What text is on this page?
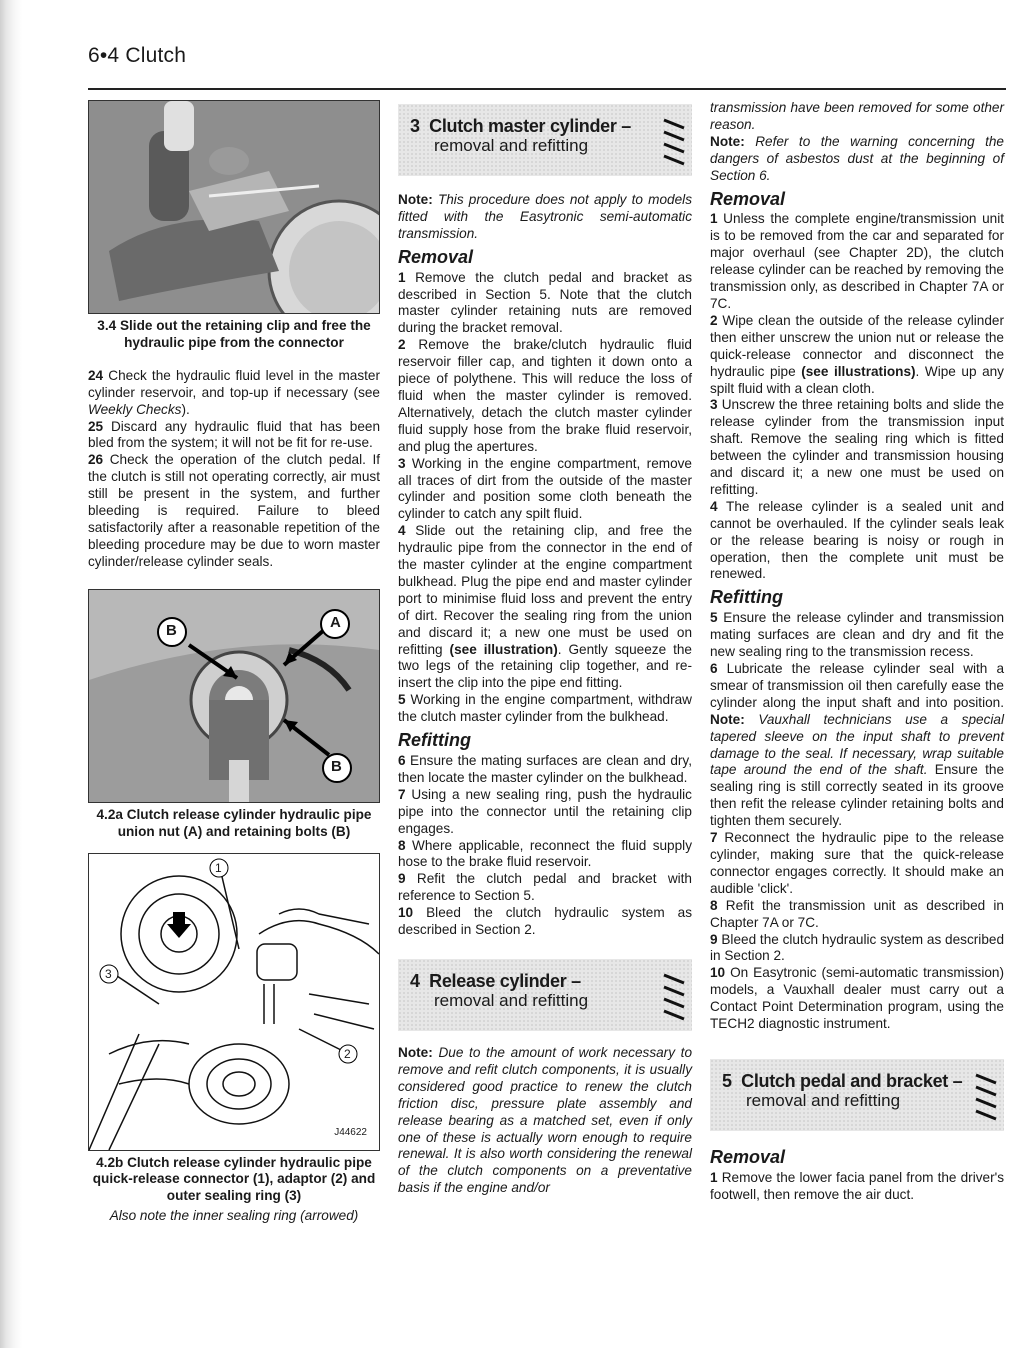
6•4 Clutch

3.4 Slide out the retaining clip and free the hydraulic pipe from the connector

24 Check the hydraulic fluid level in the master cylinder reservoir, and top-up if necessary (see Weekly Checks).

25 Discard any hydraulic fluid that has been bled from the system; it will not be fit for re-use.

26 Check the operation of the clutch pedal. If the clutch is still not operating correctly, air must still be present in the system, and further bleeding is required. Failure to bleed satisfactorily after a reasonable repetition of the bleeding procedure may be due to worn master cylinder/release cylinder seals.

B	A
B

4.2a Clutch release cylinder hydraulic pipe union nut (A) and retaining bolts (B)

1
2
3
J44622

4.2b Clutch release cylinder hydraulic pipe quick-release connector (1), adaptor (2) and outer sealing ring (3)

Also note the inner sealing ring (arrowed)

3 Clutch master cylinder –
removal and refitting

Note: This procedure does not apply to models fitted with the Easytronic semi-automatic transmission.

Removal

1 Remove the clutch pedal and bracket as described in Section 5. Note that the clutch master cylinder retaining nuts are removed during the bracket removal.

2 Remove the brake/clutch hydraulic fluid reservoir filler cap, and tighten it down onto a piece of polythene. This will reduce the loss of fluid when the master cylinder is removed. Alternatively, detach the clutch master cylinder fluid supply hose from the brake fluid reservoir, and plug the apertures.

3 Working in the engine compartment, remove all traces of dirt from the outside of the master cylinder and position some cloth beneath the cylinder to catch any spilt fluid.

4 Slide out the retaining clip, and free the hydraulic pipe from the connector in the end of the master cylinder at the engine compartment bulkhead. Plug the pipe end and master cylinder port to minimise fluid loss and prevent the entry of dirt. Recover the sealing ring from the union and discard it; a new one must be used on refitting (see illustration). Gently squeeze the two legs of the retaining clip together, and re-insert the clip into the pipe end fitting.

5 Working in the engine compartment, withdraw the clutch master cylinder from the bulkhead.

Refitting

6 Ensure the mating surfaces are clean and dry, then locate the master cylinder on the bulkhead.

7 Using a new sealing ring, push the hydraulic pipe into the connector until the retaining clip engages.

8 Where applicable, reconnect the fluid supply hose to the brake fluid reservoir.

9 Refit the clutch pedal and bracket with reference to Section 5.

10 Bleed the clutch hydraulic system as described in Section 2.

4 Release cylinder –
removal and refitting

Note: Due to the amount of work necessary to remove and refit clutch components, it is usually considered good practice to renew the clutch friction disc, pressure plate assembly and release bearing as a matched set, even if only one of these is actually worn enough to require renewal. It is also worth considering the renewal of the clutch components on a preventative basis if the engine and/or

transmission have been removed for some other reason.

Note: Refer to the warning concerning the dangers of asbestos dust at the beginning of Section 6.

Removal

1 Unless the complete engine/transmission unit is to be removed from the car and separated for major overhaul (see Chapter 2D), the clutch release cylinder can be reached by removing the transmission only, as described in Chapter 7A or 7C.

2 Wipe clean the outside of the release cylinder then either unscrew the union nut or release the quick-release connector and disconnect the hydraulic pipe (see illustrations). Wipe up any spilt fluid with a clean cloth.

3 Unscrew the three retaining bolts and slide the release cylinder from the transmission input shaft. Remove the sealing ring which is fitted between the cylinder and transmission housing and discard it; a new one must be used on refitting.

4 The release cylinder is a sealed unit and cannot be overhauled. If the cylinder seals leak or the release bearing is noisy or rough in operation, then the complete unit must be renewed.

Refitting

5 Ensure the release cylinder and transmission mating surfaces are clean and dry and fit the new sealing ring to the transmission recess.

6 Lubricate the release cylinder seal with a smear of transmission oil then carefully ease the cylinder along the input shaft and into position. Note: Vauxhall technicians use a special tapered sleeve on the input shaft to prevent damage to the seal. If necessary, wrap suitable tape around the end of the shaft. Ensure the sealing ring is still correctly seated in its groove then refit the release cylinder retaining bolts and tighten them securely.

7 Reconnect the hydraulic pipe to the release cylinder, making sure that the quick-release connector engages correctly. It should make an audible 'click'.

8 Refit the transmission unit as described in Chapter 7A or 7C.

9 Bleed the clutch hydraulic system as described in Section 2.

10 On Easytronic (semi-automatic transmission) models, a Vauxhall dealer must carry out a Contact Point Determination program, using the TECH2 diagnostic instrument.

5 Clutch pedal and bracket –
removal and refitting
Removal

1 Remove the lower facia panel from the driver's footwell, then remove the air duct.
